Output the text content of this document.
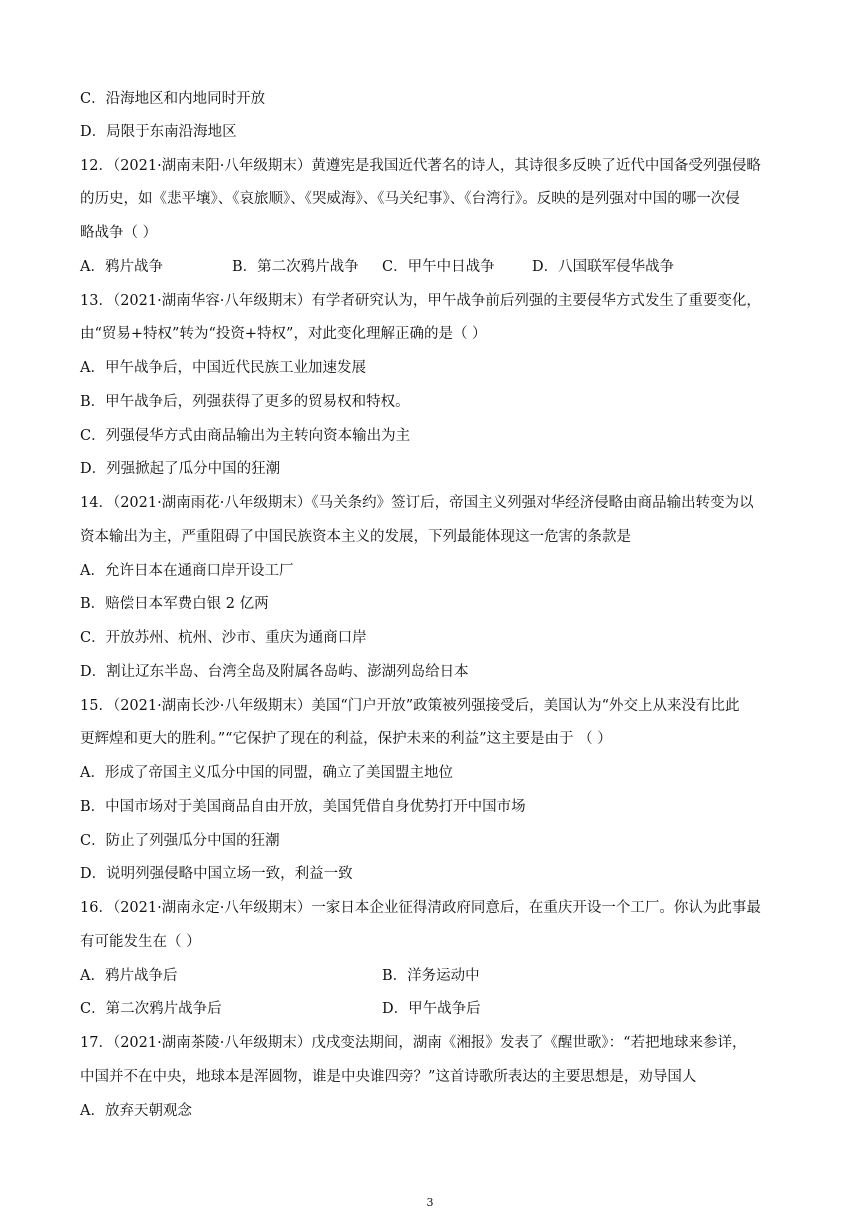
C．沿海地区和内地同时开放
D．局限于东南沿海地区
12．（2021·湖南耒阳·八年级期末）黄遵宪是我国近代著名的诗人，其诗很多反映了近代中国备受列强侵略
的历史，如《悲平壤》、《哀旅顺》、《哭威海》、《马关纪事》、《台湾行》。反映的是列强对中国的哪一次侵
略战争（ ）
A．鸦片战争	B．第二次鸦片战争 C．甲午中日战争	D．八国联军侵华战争
13．（2021·湖南华容·八年级期末）有学者研究认为，甲午战争前后列强的主要侵华方式发生了重要变化，
由“贸易+特权”转为“投资+特权”，对此变化理解正确的是（ ）
A．甲午战争后，中国近代民族工业加速发展
B．甲午战争后，列强获得了更多的贸易权和特权。
C．列强侵华方式由商品输出为主转向资本输出为主
D．列强掀起了瓜分中国的狂潮
14．（2021·湖南雨花·八年级期末）《马关条约》签订后，帝国主义列强对华经济侵略由商品输出转变为以
资本输出为主，严重阻碍了中国民族资本主义的发展，下列最能体现这一危害的条款是
A．允许日本在通商口岸开设工厂
B．赔偿日本军费白银 2 亿两
C．开放苏州、杭州、沙市、重庆为通商口岸
D．割让辽东半岛、台湾全岛及附属各岛屿、澎湖列岛给日本
15．（2021·湖南长沙·八年级期末）美国“门户开放”政策被列强接受后，美国认为“外交上从来没有比此
更辉煌和更大的胜利。”“它保护了现在的利益，保护未来的利益”这主要是由于 （ ）
A．形成了帝国主义瓜分中国的同盟，确立了美国盟主地位
B．中国市场对于美国商品自由开放，美国凭借自身优势打开中国市场
C．防止了列强瓜分中国的狂潮
D．说明列强侵略中国立场一致，利益一致
16．（2021·湖南永定·八年级期末）一家日本企业征得清政府同意后，在重庆开设一个工厂。你认为此事最
有可能发生在（ ）
A．鸦片战争后	B．洋务运动中
C．第二次鸦片战争后	D．甲午战争后
17．（2021·湖南茶陵·八年级期末）戊戌变法期间，湖南《湘报》发表了《醒世歌》：“若把地球来参详，
中国并不在中央，地球本是浑圆物，谁是中央谁四旁？”这首诗歌所表达的主要思想是，劝导国人
A．放弃天朝观念
3
